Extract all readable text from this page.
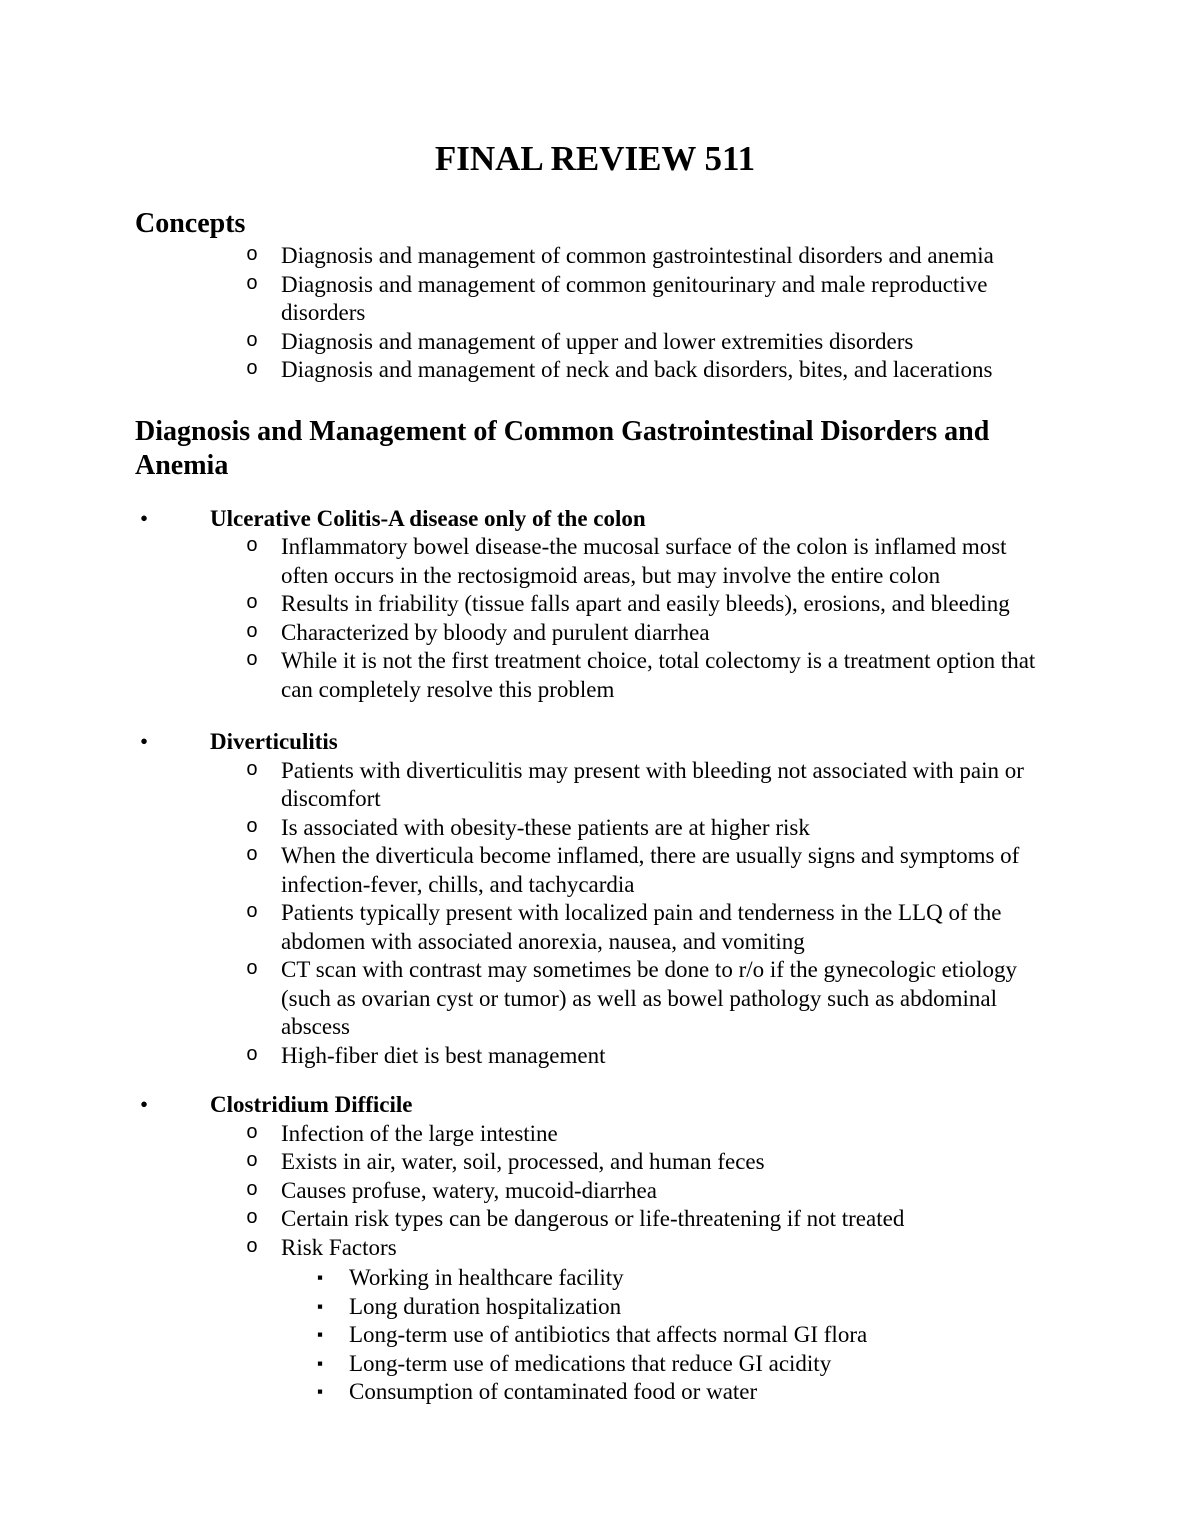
FINAL REVIEW 511
Concepts
o Diagnosis and management of common gastrointestinal disorders and anemia
o Diagnosis and management of common genitourinary and male reproductive disorders
o Diagnosis and management of upper and lower extremities disorders
o Diagnosis and management of neck and back disorders, bites, and lacerations
Diagnosis and Management of Common Gastrointestinal Disorders and Anemia
•	Ulcerative Colitis-A disease only of the colon
o Inflammatory bowel disease-the mucosal surface of the colon is inflamed most often occurs in the rectosigmoid areas, but may involve the entire colon
o Results in friability (tissue falls apart and easily bleeds), erosions, and bleeding
o Characterized by bloody and purulent diarrhea
o While it is not the first treatment choice, total colectomy is a treatment option that can completely resolve this problem
•	Diverticulitis
o Patients with diverticulitis may present with bleeding not associated with pain or discomfort
o Is associated with obesity-these patients are at higher risk
o When the diverticula become inflamed, there are usually signs and symptoms of infection-fever, chills, and tachycardia
o Patients typically present with localized pain and tenderness in the LLQ of the abdomen with associated anorexia, nausea, and vomiting
o CT scan with contrast may sometimes be done to r/o if the gynecologic etiology (such as ovarian cyst or tumor) as well as bowel pathology such as abdominal abscess
o High-fiber diet is best management
•	Clostridium Difficile
o Infection of the large intestine
o Exists in air, water, soil, processed, and human feces
o Causes profuse, watery, mucoid-diarrhea
o Certain risk types can be dangerous or life-threatening if not treated
o Risk Factors
▪	Working in healthcare facility
▪	Long duration hospitalization
▪	Long-term use of antibiotics that affects normal GI flora
▪	Long-term use of medications that reduce GI acidity
▪	Consumption of contaminated food or water
